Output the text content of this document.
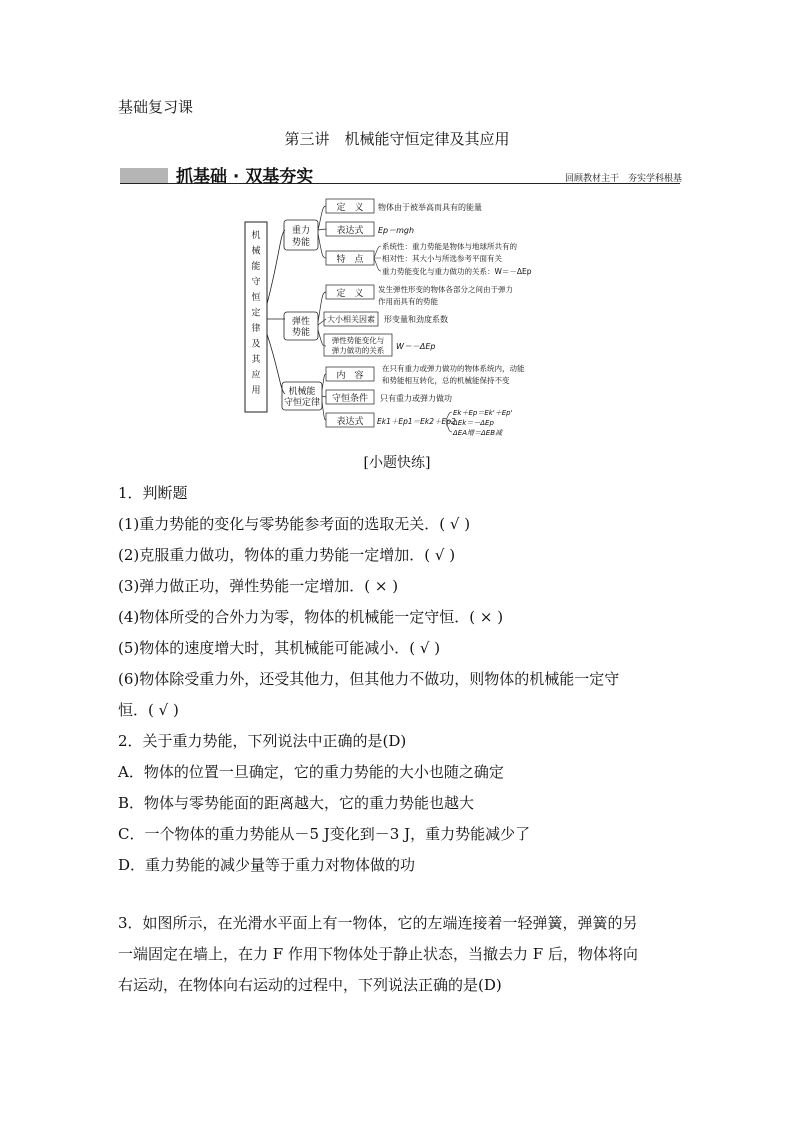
基础复习课
第三讲　机械能守恒定律及其应用
抓基础 · 双基夯实	回顾教材主干　夯实学科根基
机械能守恒定律及其应用
重力
势能
弹性
势能
机械能
守恒定律
定　义 物体由于被举高而具有的能量
表达式 Ep＝mgh
特　点
系统性：重力势能是物体与地球所共有的
相对性：其大小与所选参考平面有关
重力势能变化与重力做功的关系：W＝－ΔEp
定　义 发生弹性形变的物体各部分之间由于弹力
作用而具有的势能
大小相关因素 形变量和劲度系数
弹性势能变化与
弹力做功的关系 W＝－ΔEp
内　容
在只有重力或弹力做功的物体系统内，动能
和势能相互转化，总的机械能保持不变
守恒条件 只有重力或弹力做功
表达式 Ek1＋Ep1＝Ek2＋Ep2
Ek＋Ep＝Ek'＋Ep'
ΔEk＝－ΔEp
ΔEA增＝ΔEB减
[小题快练]
1．判断题
(1)重力势能的变化与零势能参考面的选取无关．( √ )
(2)克服重力做功，物体的重力势能一定增加．( √ )
(3)弹力做正功，弹性势能一定增加．( × )
(4)物体所受的合外力为零，物体的机械能一定守恒．( × )
(5)物体的速度增大时，其机械能可能减小．( √ )
(6)物体除受重力外，还受其他力，但其他力不做功，则物体的机械能一定守
恒．( √ )
2．关于重力势能，下列说法中正确的是(D)
A．物体的位置一旦确定，它的重力势能的大小也随之确定
B．物体与零势能面的距离越大，它的重力势能也越大
C．一个物体的重力势能从－5 J变化到－3 J，重力势能减少了
D．重力势能的减少量等于重力对物体做的功
3．如图所示，在光滑水平面上有一物体，它的左端连接着一轻弹簧，弹簧的另
一端固定在墙上，在力 F 作用下物体处于静止状态，当撤去力 F 后，物体将向
右运动，在物体向右运动的过程中，下列说法正确的是(D)
